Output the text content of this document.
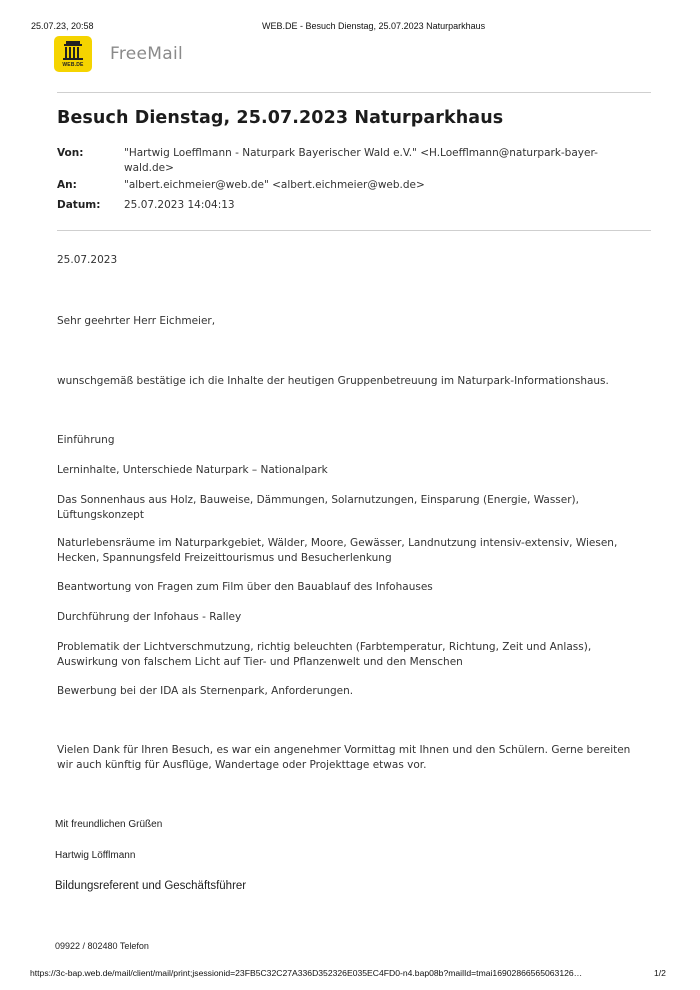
25.07.23, 20:58	WEB.DE - Besuch Dienstag, 25.07.2023 Naturparkhaus
WEB.DE
FreeMail
Besuch Dienstag, 25.07.2023 Naturparkhaus
Von:	"Hartwig Loefflmann - Naturpark Bayerischer Wald e.V." <H.Loefflmann@naturpark-bayer-
wald.de>
An:	"albert.eichmeier@web.de" <albert.eichmeier@web.de>
Datum: 25.07.2023 14:04:13
25.07.2023
Sehr geehrter Herr Eichmeier,
wunschgemäß bestätige ich die Inhalte der heutigen Gruppenbetreuung im Naturpark-Informationshaus.
Einführung
Lerninhalte, Unterschiede Naturpark – Nationalpark
Das Sonnenhaus aus Holz, Bauweise, Dämmungen, Solarnutzungen, Einsparung (Energie, Wasser),
Lüftungskonzept
Naturlebensräume im Naturparkgebiet, Wälder, Moore, Gewässer, Landnutzung intensiv-extensiv, Wiesen,
Hecken, Spannungsfeld Freizeittourismus und Besucherlenkung
Beantwortung von Fragen zum Film über den Bauablauf des Infohauses
Durchführung der Infohaus - Ralley
Problematik der Lichtverschmutzung, richtig beleuchten (Farbtemperatur, Richtung, Zeit und Anlass),
Auswirkung von falschem Licht auf Tier- und Pflanzenwelt und den Menschen
Bewerbung bei der IDA als Sternenpark, Anforderungen.
Vielen Dank für Ihren Besuch, es war ein angenehmer Vormittag mit Ihnen und den Schülern. Gerne bereiten
wir auch künftig für Ausflüge, Wandertage oder Projekttage etwas vor.
Mit freundlichen Grüßen
Hartwig Löfflmann
Bildungsreferent und Geschäftsführer
09922 / 802480 Telefon
https://3c-bap.web.de/mail/client/mail/print;jsessionid=23FB5C32C27A336D352326E035EC4FD0-n4.bap08b?mailId=tmai16902866565063126…	1/2
